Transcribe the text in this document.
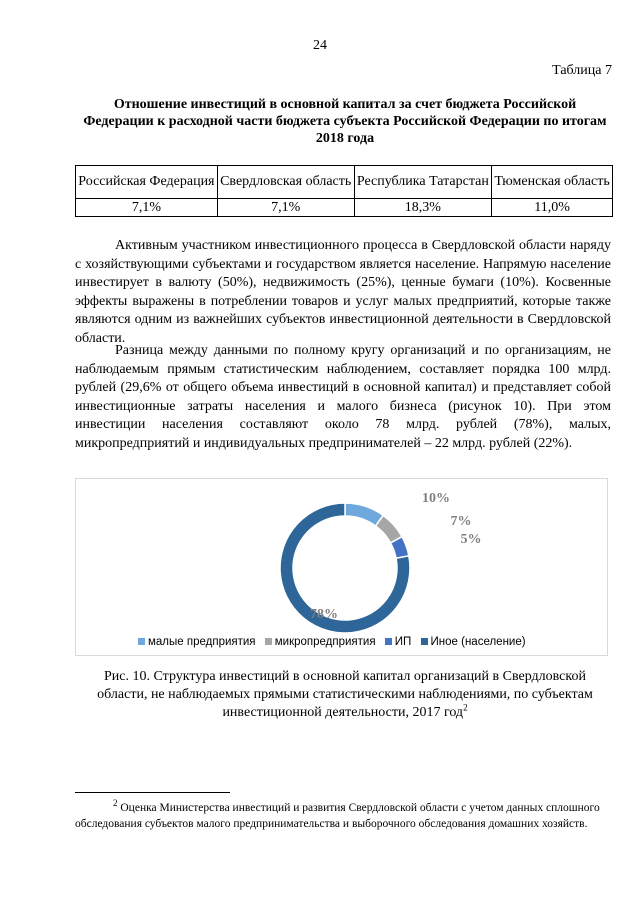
24
Таблица 7
Отношение инвестиций в основной капитал за счет бюджета Российской Федерации к расходной части бюджета субъекта Российской Федерации по итогам 2018 года
Российская Федерация	Свердловская область	Республика Татарстан	Тюменская область
7,1%	7,1%	18,3%	11,0%
Активным участником инвестиционного процесса в Свердловской области наряду с хозяйствующими субъектами и государством является население. Напрямую население инвестирует в валюту (50%), недвижимость (25%), ценные бумаги (10%). Косвенные эффекты выражены в потреблении товаров и услуг малых предприятий, которые также являются одним из важнейших субъектов инвестиционной деятельности в Свердловской области.
Разница между данными по полному кругу организаций и по организациям, не наблюдаемым прямым статистическим наблюдением, составляет порядка 100 млрд. рублей (29,6% от общего объема инвестиций в основной капитал) и представляет собой инвестиционные затраты населения и малого бизнеса (рисунок 10). При этом инвестиции населения составляют около 78 млрд. рублей (78%), малых, микропредприятий и индивидуальных предпринимателей – 22 млрд. рублей (22%).
10%
7%
5%
78%
малые предприятия микропредприятия ИП Иное (население)
Рис. 10. Структура инвестиций в основной капитал организаций в Свердловской области, не наблюдаемых прямыми статистическими наблюдениями, по субъектам инвестиционной деятельности, 2017 год$^2$
$^2$ Оценка Министерства инвестиций и развития Свердловской области с учетом данных сплошного обследования субъектов малого предпринимательства и выборочного обследования домашних хозяйств.
